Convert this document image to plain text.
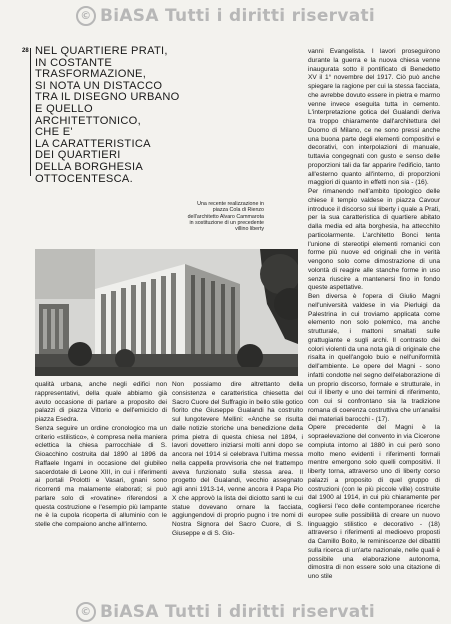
© BiASA Tutti i diritti riservati
28 NEL QUARTIERE PRATI,
IN COSTANTE
TRASFORMAZIONE,
SI NOTA UN DISTACCO
TRA IL DISEGNO URBANO
E QUELLO
ARCHITETTONICO,
CHE E'
LA CARATTERISTICA
DEI QUARTIERI
DELLA BORGHESIA
OTTOCENTESCA.
Una recente realizzazione in piazza Cola di Rienzo dell'architetto Alvaro Cammarota in sostituzione di un precedente villino liberty

vanni Evangelista. I lavori proseguirono durante la guerra e la nuova chiesa venne inaugurata sotto il pontificato di Benedetto XV il 1° novembre del 1917. Ciò può anche spiegare la ragione per cui la stessa facciata, che avrebbe dovuto essere in pietra e marmo venne invece eseguita tutta in cemento. L'interpretazione gotica del Gualandi deriva tra troppo chiaramente dall'architettura del Duomo di Milano, ce ne sono pressi anche una buona parte degli elementi compositivi e decorativi, con interpolazioni di manuale, tuttavia congegnati con gusto e senso delle proporzioni tali da far apparire l'edificio, tanto all'esterno quanto all'interno, di proporzioni maggiori di quanto in effetti non sia - (16).

Per rimanendo nell'ambito tipologico delle chiese il tempio valdese in piazza Cavour introduce il discorso sui liberty i quale a Prati, per la sua caratteristica di quartiere abitato dalla media ed alta borghesia, ha attecchito particolarmente. L'architetto Bonci tenta l'unione di stereotipi elementi romanici con forme più nuove ed originali che in verità vengono solo come dimostrazione di una volontà di reagire alle stanche forme in uso senza riuscire a mantenersi fino in fondo queste aspettative.

Ben diversa è l'opera di Giulio Magni nell'università valdese in via Pierluigi da Palestrina in cui troviamo applicata come elemento non solo polemico, ma anche strutturale, i mattoni smaltati sulle grattugiante e sugli archi. Il contrasto dei colori violenti da una nota già di originale che risalta in quell'angolo buio e nell'uniformità dell'ambiente. Le opere del Magni - sono infatti condotte nel segno dell'elaborazione di un proprio discorso, formale e strutturale, in cui il liberty e uno dei termini di riferimento, con cui si confrontano sia la tradizione romana di coerenza costruttiva che un'analisi dei materiali barocchi - (17).

Opere precedente del Magni è la sopraelevazione del convento in via Cicerone compiuta intorno al 1880 in cui però sono molto meno evidenti i riferimenti formali mentre emergono solo quelli compositivi. Il liberty torna, attraverso uno di liberty corso palazzi a proposito di quel gruppo di costruzioni (con le più piccole ville) costruite dal 1900 al 1914, in cui più chiaramente per cogliersi l'eco delle contemporanee ricerche europee sulle possibilità di creare un nuovo linguaggio stilistico e decorativo - (18) attraverso i riferimenti al medioevo proposti da Camillo Boito, le reminiscenze del dibattiti sulla ricerca di un'arte nazionale, nelle quali è possibile una elaborazione autonoma, dimostra di non essere solo una citazione di uno stile

qualità urbana, anche negli edifici non rappresentativi, della quale abbiamo già avuto occasione di parlare a proposito dei palazzi di piazza Vittorio e dell'emiciclo di piazza Esedra.

Senza seguire un ordine cronologico ma un criterio «stilistico», è compresa nella maniera eclettica la chiesa parrocchiale di S. Gioacchino costruita dal 1890 al 1896 da Raffaele Ingami in occasione del giubileo sacerdotale di Leone XIII, in cui i riferimenti ai portali Prolotti e Vasari, gnani sono ricorrenti ma malamente elaborati; si può parlare solo di «rovatine» riferendosi a questa costruzione e l'esempio più lampante ne è la cupola ricoperta di alluminio con le stelle che compaiono anche all'interno.

Non possiamo dire altrettanto della consistenza e caratteristica chiesetta del Sacro Cuore del Suffragio in bello stile gotico fiorito che Giuseppe Gualandi ha costruito sul lungotevere Mellini: «Anche se risulta dalle notizie storiche una benedizione della prima pietra di questa chiesa nel 1894, i lavori dovettero iniziarsi molti anni dopo se ancora nel 1914 si celebrava l'ultima messa nella cappella provvisoria che nel frattempo aveva funzionato sulla stessa area. Il progetto del Gualandi, vecchio assegnato agli anni 1913-14, venne ancora il Papa Pio X che approvò la lista dei diciotto santi le cui statue dovevano ornare la facciata, aggiungendovi di proprio pugno i tre nomi di Nostra Signora del Sacro Cuore, di S. Giuseppe e di S. Gio-

© BiASA Tutti i diritti riservati
